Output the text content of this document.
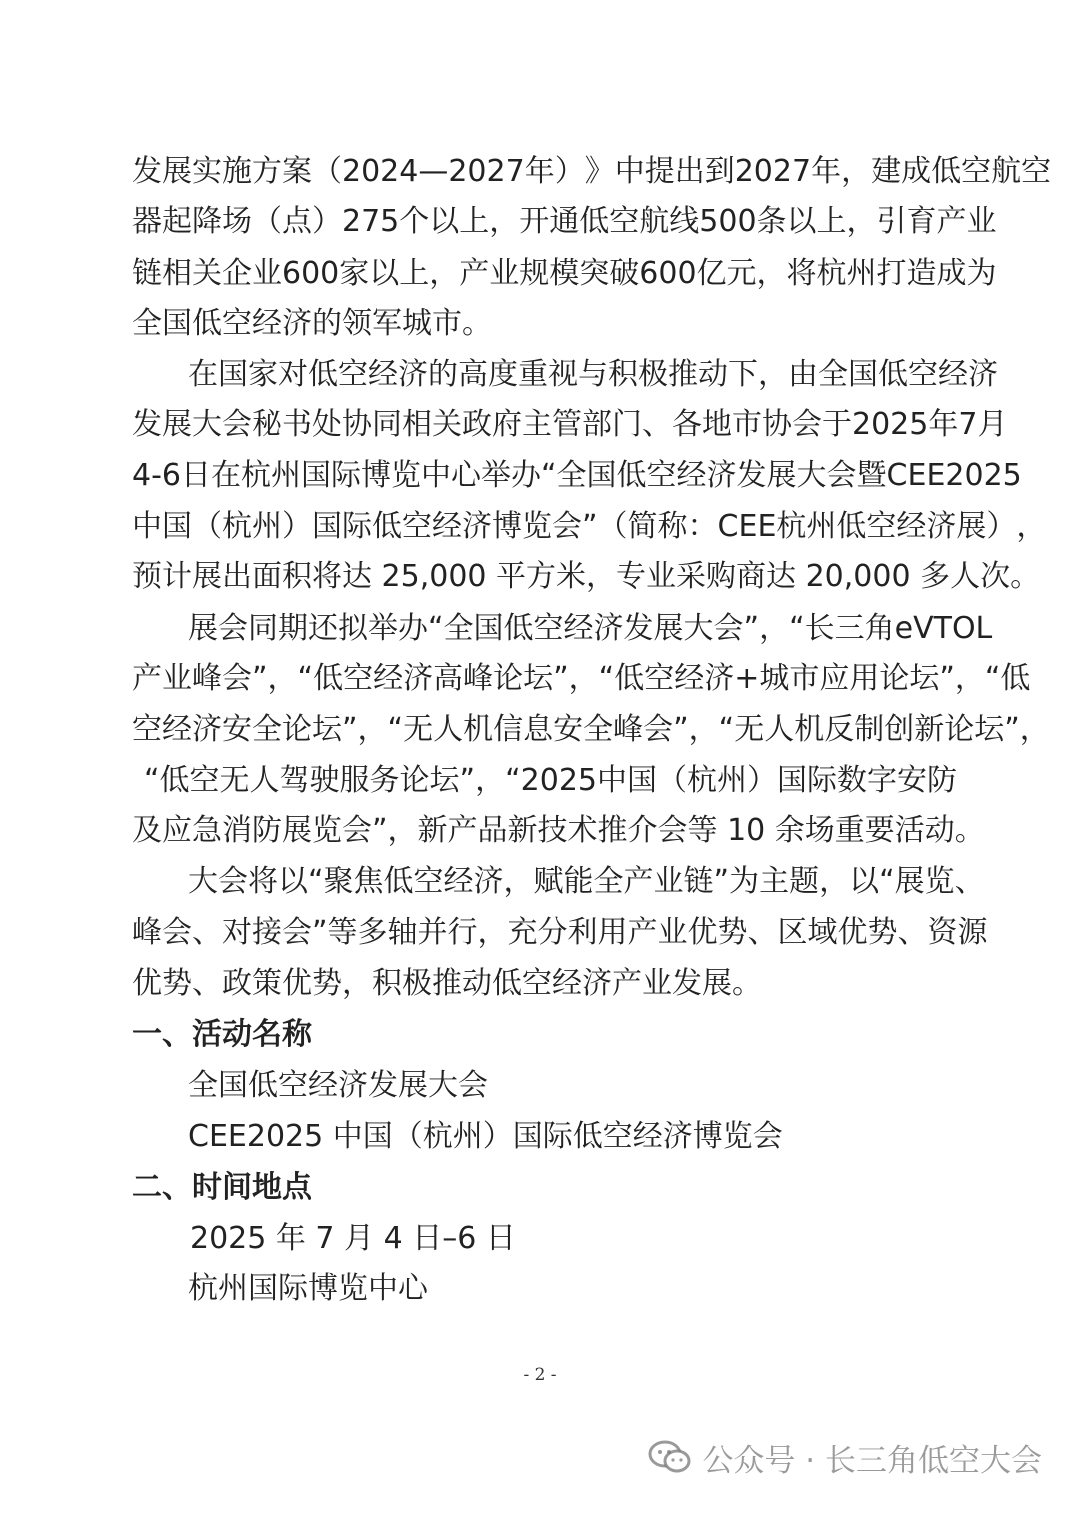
发 展 实 施 方 案 （ 2024—2027 年 ） 》 中 提 出 到 2027 年 ， 建 成 低 空 航 空
器 起 降 场 （ 点 ） 275 个 以 上 ， 开 通 低 空 航 线 500 条 以 上 ， 引 育 产 业
链 相 关 企 业 600 家 以 上 ， 产 业 规 模 突 破 600 亿 元 ， 将 杭 州 打 造 成 为
全国低空经济的领军城市。
在 国 家 对 低 空 经 济 的 高 度 重 视 与 积 极 推 动 下 ， 由 全 国 低 空 经 济
发 展 大 会 秘 书 处 协 同 相 关 政 府 主 管 部 门 、 各 地 市 协 会 于 2025 年 7 月
4-6 日 在 杭 州 国 际 博 览 中 心 举 办 “ 全 国 低 空 经 济 发 展 大 会 暨 CEE2025
中 国 （ 杭 州 ） 国 际 低 空 经 济 博 览 会 ” （ 简 称 ： CEE 杭 州 低 空 经 济 展 ） ，
预计展出面积将达 25,000 平方米，专业采购商达 20,000 多人次。
展 会 同 期 还 拟 举 办 “ 全 国 低 空 经 济 发 展 大 会 ” ， “ 长 三 角 eVTOL
产 业 峰 会 ” ， “ 低 空 经 济 高 峰 论 坛 ” ， “ 低 空 经 济 + 城 市 应 用 论 坛 ” ， “ 低
空 经 济 安 全 论 坛 ” ， “ 无 人 机 信 息 安 全 峰 会 ” ， “ 无 人 机 反 制 创 新 论 坛 ” ，
“ 低 空 无 人 驾 驶 服 务 论 坛 ” ， “ 2025 中 国 （ 杭 州 ） 国 际 数 字 安 防
及应急消防展览会”，新产品新技术推介会等 10 余场重要活动。
大 会 将 以 “ 聚 焦 低 空 经 济 ， 赋 能 全 产 业 链 ” 为 主 题 ， 以 “ 展 览 、
峰 会 、 对 接 会 ” 等 多 轴 并 行 ， 充 分 利 用 产 业 优 势 、 区 域 优 势 、 资 源
优势、政策优势，积极推动低空经济产业发展。
一、活动名称
全国低空经济发展大会
CEE2025 中国（杭州）国际低空经济博览会
二、时间地点
2025 年 7 月 4 日–6 日
杭州国际博览中心
- 2 -
公众号 · 长三角低空大会
